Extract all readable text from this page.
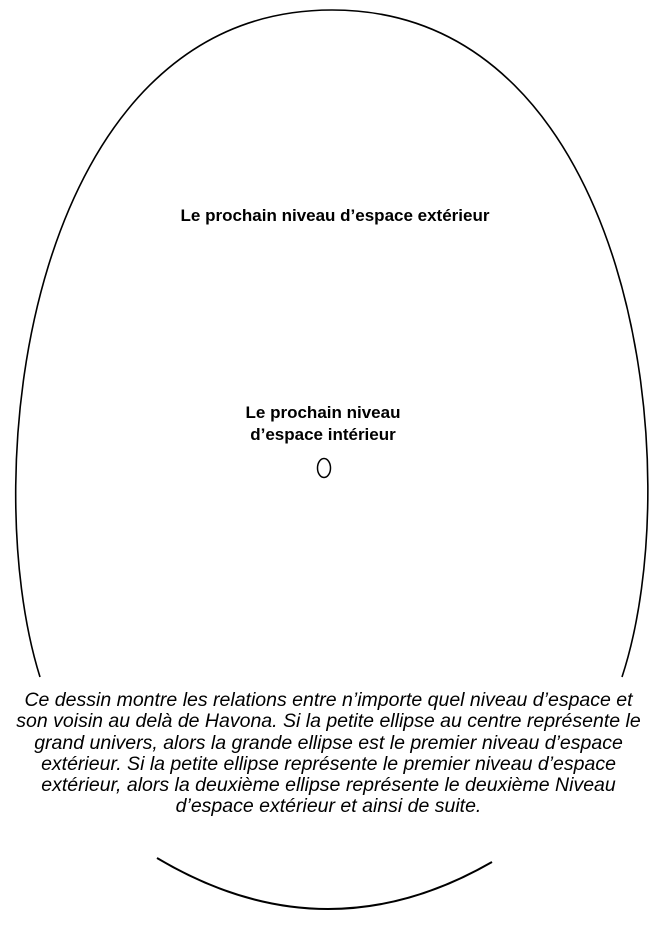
Le prochain niveau d’espace extérieur
Le prochain niveau
d’espace intérieur
Ce dessin montre les relations entre n’importe quel niveau d’espace et son voisin au delà de Havona. Si la petite ellipse au centre représente le grand univers, alors la grande ellipse est le premier niveau d’espace extérieur. Si la petite ellipse représente le premier niveau d’espace extérieur, alors la deuxième ellipse représente le deuxième Niveau d’espace extérieur et ainsi de suite.
